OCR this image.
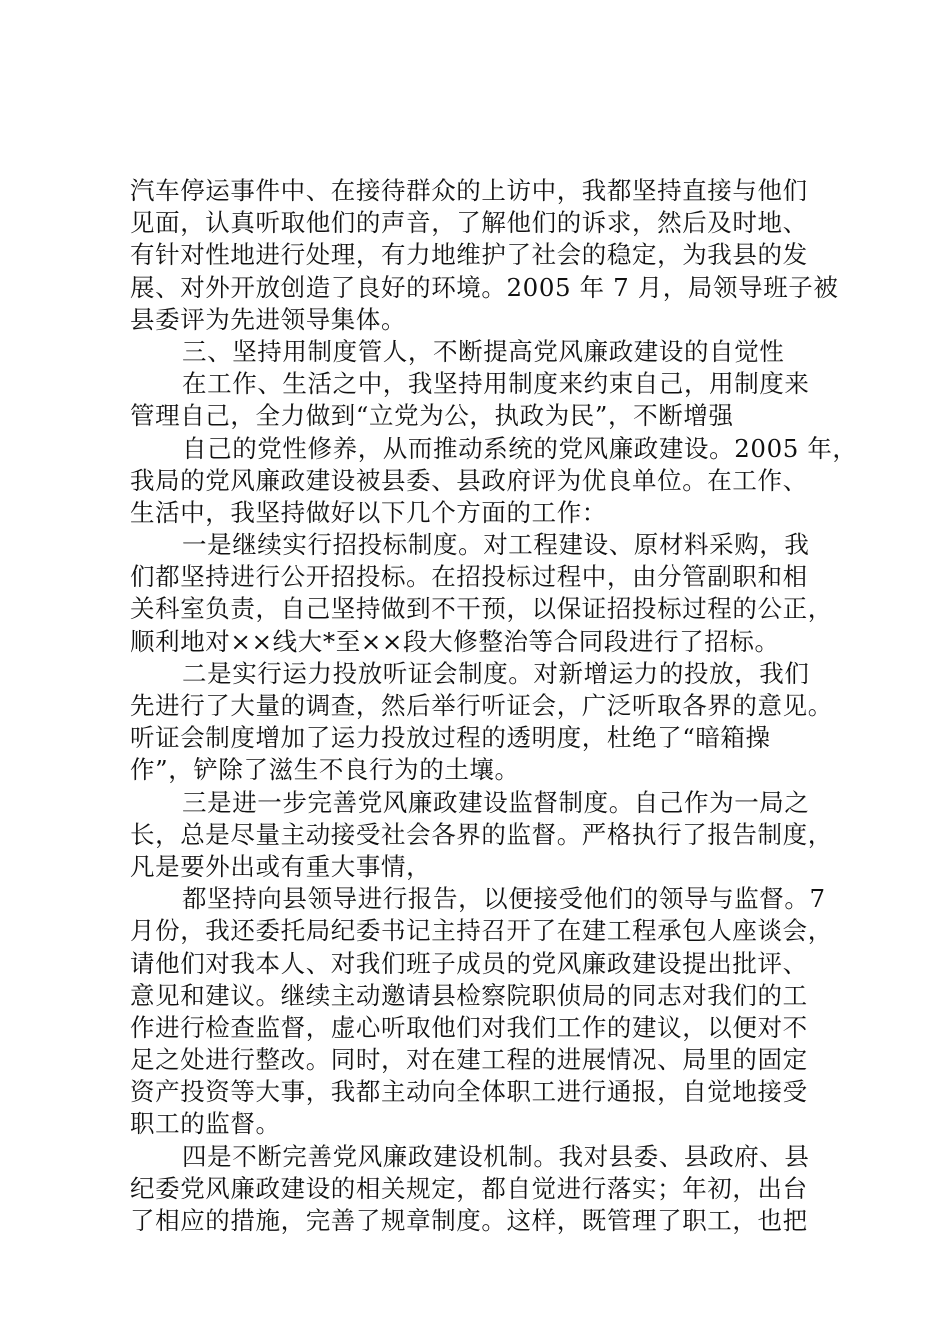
汽车停运事件中、在接待群众的上访中，我都坚持直接与他们
见面，认真听取他们的声音，了解他们的诉求，然后及时地、
有针对性地进行处理，有力地维护了社会的稳定，为我县的发
展、对外开放创造了良好的环境。2005 年 7 月，局领导班子被
县委评为先进领导集体。
三、坚持用制度管人，不断提高党风廉政建设的自觉性
在工作、生活之中，我坚持用制度来约束自己，用制度来
管理自己，全力做到“立党为公，执政为民”，不断增强
自己的党性修养，从而推动系统的党风廉政建设。2005 年，
我局的党风廉政建设被县委、县政府评为优良单位。在工作、
生活中，我坚持做好以下几个方面的工作：
一是继续实行招投标制度。对工程建设、原材料采购，我
们都坚持进行公开招投标。在招投标过程中，由分管副职和相
关科室负责，自己坚持做到不干预，以保证招投标过程的公正，
顺利地对××线大*至××段大修整治等合同段进行了招标。
二是实行运力投放听证会制度。对新增运力的投放，我们
先进行了大量的调查，然后举行听证会，广泛听取各界的意见。
听证会制度增加了运力投放过程的透明度，杜绝了“暗箱操
作”，铲除了滋生不良行为的土壤。
三是进一步完善党风廉政建设监督制度。自己作为一局之
长，总是尽量主动接受社会各界的监督。严格执行了报告制度，
凡是要外出或有重大事情，
都坚持向县领导进行报告，以便接受他们的领导与监督。7
月份，我还委托局纪委书记主持召开了在建工程承包人座谈会，
请他们对我本人、对我们班子成员的党风廉政建设提出批评、
意见和建议。继续主动邀请县检察院职侦局的同志对我们的工
作进行检查监督，虚心听取他们对我们工作的建议，以便对不
足之处进行整改。同时，对在建工程的进展情况、局里的固定
资产投资等大事，我都主动向全体职工进行通报，自觉地接受
职工的监督。
四是不断完善党风廉政建设机制。我对县委、县政府、县
纪委党风廉政建设的相关规定，都自觉进行落实；年初，出台
了相应的措施，完善了规章制度。这样，既管理了职工，也把
